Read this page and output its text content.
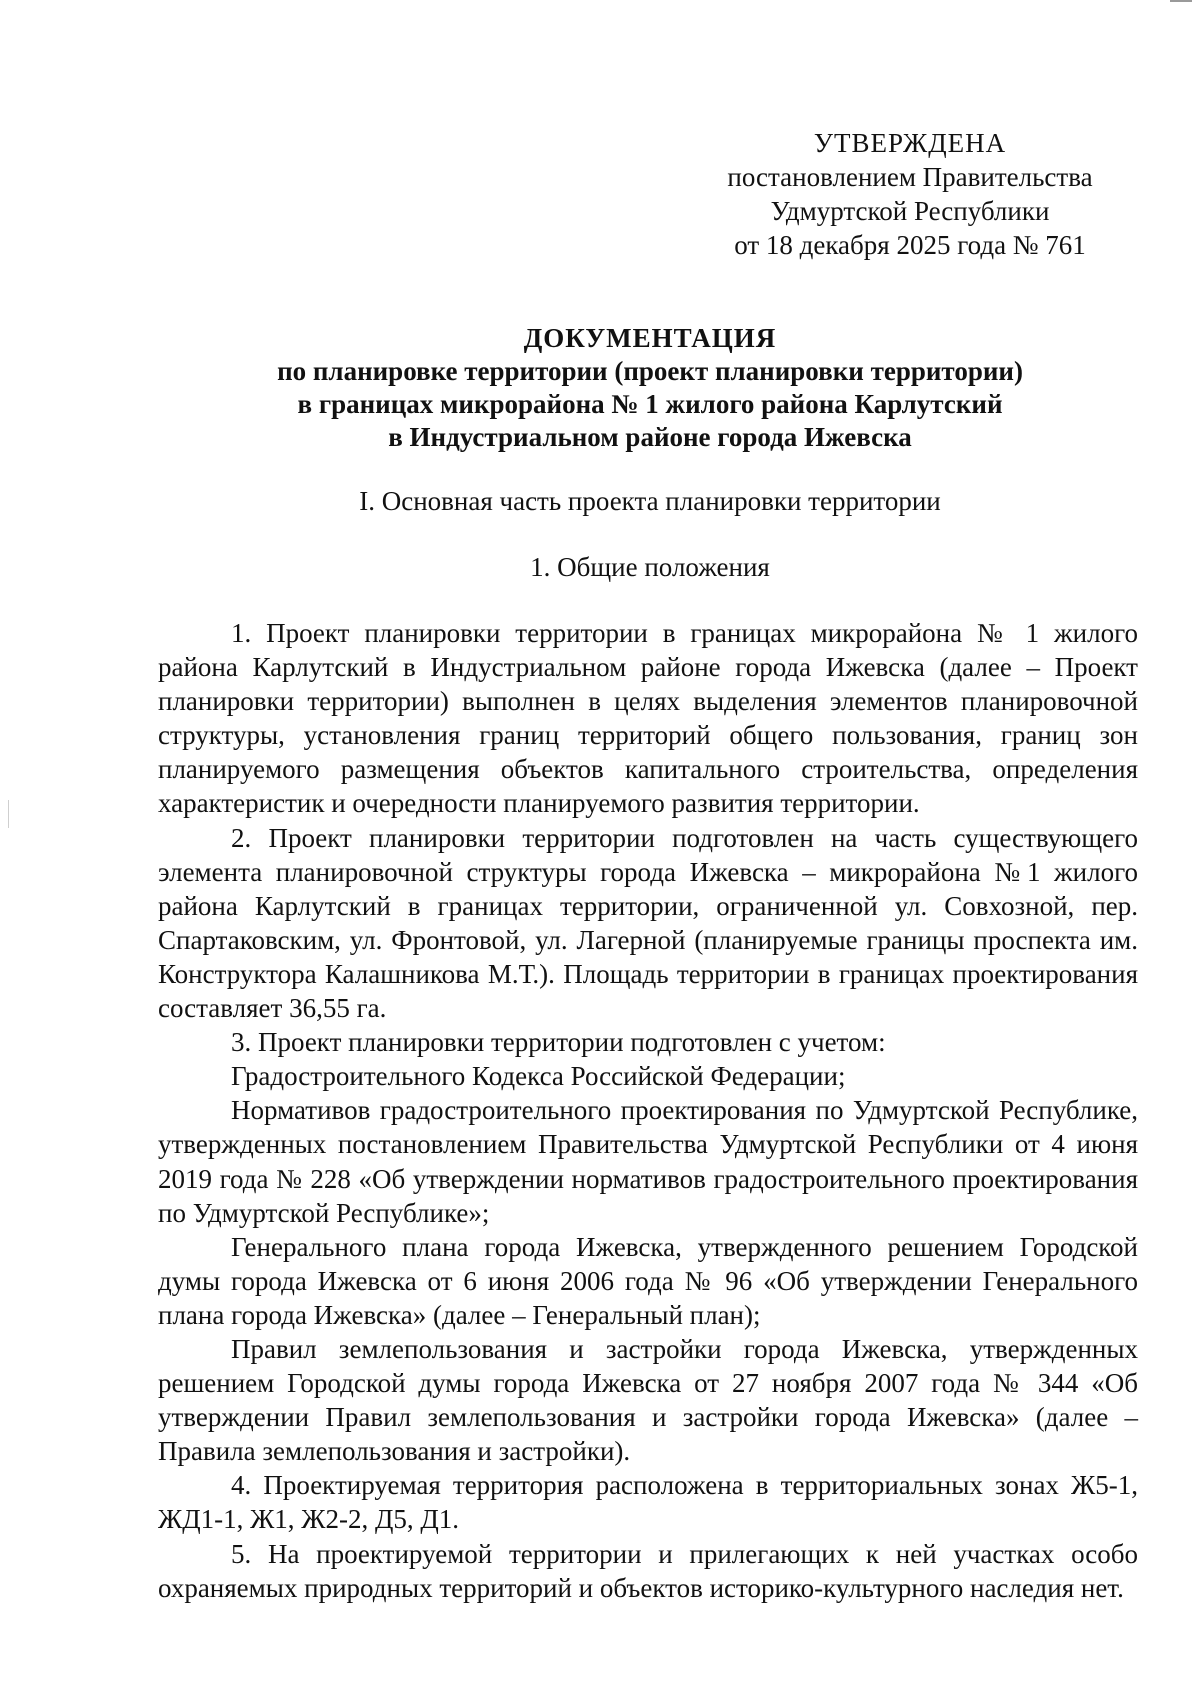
УТВЕРЖДЕНА
постановлением Правительства
Удмуртской Республики
от 18 декабря 2025 года № 761
ДОКУМЕНТАЦИЯ
по планировке территории (проект планировки территории)
в границах микрорайона № 1 жилого района Карлутский
в Индустриальном районе города Ижевска
I. Основная часть проекта планировки территории
1. Общие положения

1. Проект планировки территории в границах микрорайона № 1 жилого района Карлутский в Индустриальном районе города Ижевска (далее – Проект планировки территории) выполнен в целях выделения элементов планировочной структуры, установления границ территорий общего пользования, границ зон планируемого размещения объектов капитального строительства, определения характеристик и очередности планируемого развития территории.

2. Проект планировки территории подготовлен на часть существующего элемента планировочной структуры города Ижевска – микрорайона №1 жилого района Карлутский в границах территории, ограниченной ул. Совхозной, пер. Спартаковским, ул. Фронтовой, ул. Лагерной (планируемые границы проспекта им. Конструктора Калашникова М.Т.). Площадь территории в границах проектирования составляет 36,55 га.

3. Проект планировки территории подготовлен с учетом:

Градостроительного Кодекса Российской Федерации;

Нормативов градостроительного проектирования по Удмуртской Республике, утвержденных постановлением Правительства Удмуртской Республики от 4 июня 2019 года № 228 «Об утверждении нормативов градостроительного проектирования по Удмуртской Республике»;

Генерального плана города Ижевска, утвержденного решением Городской думы города Ижевска от 6 июня 2006 года № 96 «Об утверждении Генерального плана города Ижевска» (далее – Генеральный план);

Правил землепользования и застройки города Ижевска, утвержденных решением Городской думы города Ижевска от 27 ноября 2007 года № 344 «Об утверждении Правил землепользования и застройки города Ижевска» (далее – Правила землепользования и застройки).

4. Проектируемая территория расположена в территориальных зонах Ж5-1, ЖД1-1, Ж1, Ж2-2, Д5, Д1.

5. На проектируемой территории и прилегающих к ней участках особо охраняемых природных территорий и объектов историко-культурного наследия нет.
